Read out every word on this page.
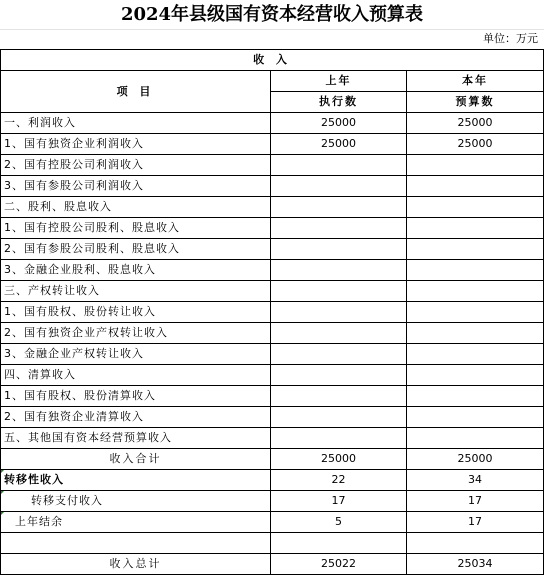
2024年县级国有资本经营收入预算表
单位：万元
收 入		
项 目	上年	本年
	执行数	预算数
一、利润收入	25000	25000
1、国有独资企业利润收入	25000	25000
2、国有控股公司利润收入		
3、国有参股公司利润收入		
二、股利、股息收入		
1、国有控股公司股利、股息收入		
2、国有参股公司股利、股息收入		
3、金融企业股利、股息收入		
三、产权转让收入		
1、国有股权、股份转让收入		
2、国有独资企业产权转让收入		
3、金融企业产权转让收入		
四、清算收入		
1、国有股权、股份清算收入		
2、国有独资企业清算收入		
五、其他国有资本经营预算收入		
收入合计	25000	25000
转移性收入	22	34
转移支付收入	17	17
上年结余	5	17

收入总计	25022	25034
